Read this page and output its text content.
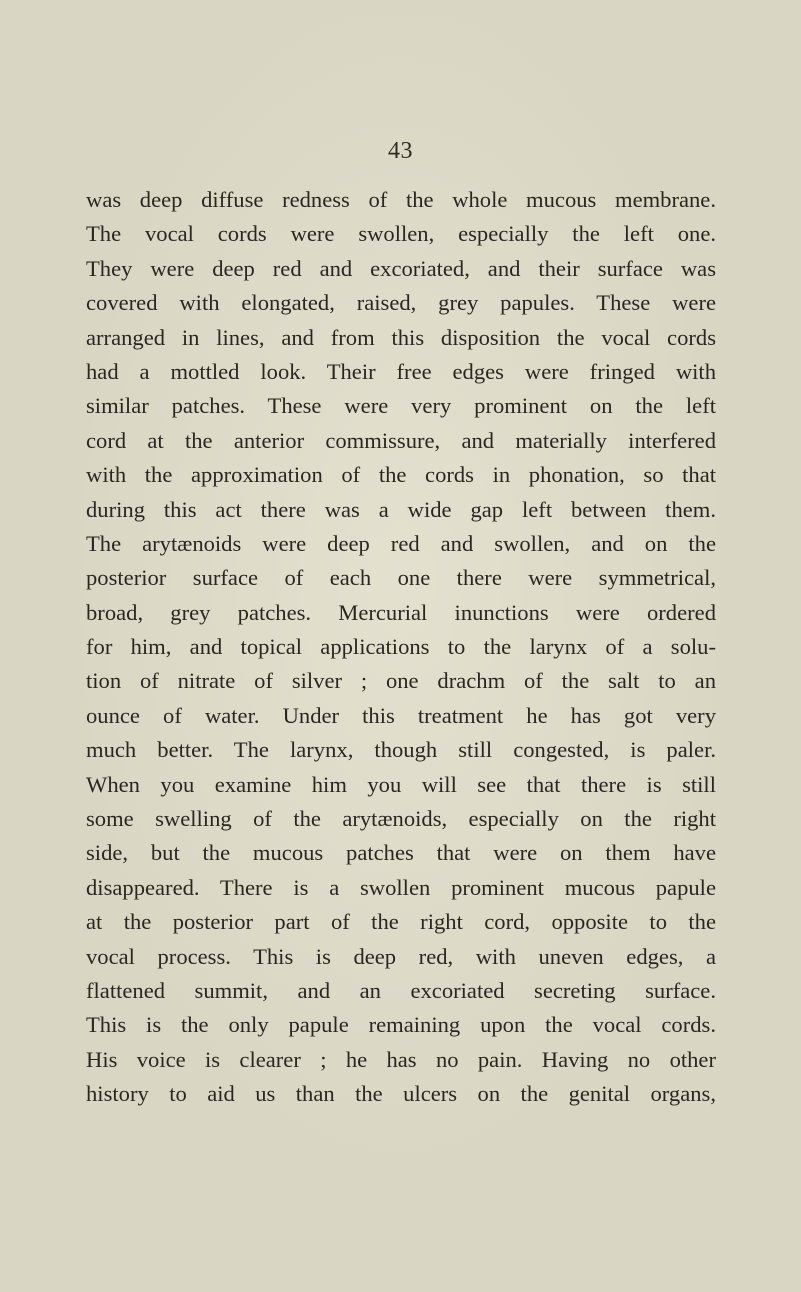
43
was deep diffuse redness of the whole mucous membrane.
The vocal cords were swollen, especially the left one.
They were deep red and excoriated, and their surface was
covered with elongated, raised, grey papules. These were
arranged in lines, and from this disposition the vocal cords
had a mottled look. Their free edges were fringed with
similar patches. These were very prominent on the left
cord at the anterior commissure, and materially interfered
with the approximation of the cords in phonation, so that
during this act there was a wide gap left between them.
The arytænoids were deep red and swollen, and on the
posterior surface of each one there were symmetrical,
broad, grey patches. Mercurial inunctions were ordered
for him, and topical applications to the larynx of a solu-
tion of nitrate of silver ; one drachm of the salt to an
ounce of water. Under this treatment he has got very
much better. The larynx, though still congested, is paler.
When you examine him you will see that there is still
some swelling of the arytænoids, especially on the right
side, but the mucous patches that were on them have
disappeared. There is a swollen prominent mucous papule
at the posterior part of the right cord, opposite to the
vocal process. This is deep red, with uneven edges, a
flattened summit, and an excoriated secreting surface.
This is the only papule remaining upon the vocal cords.
His voice is clearer ; he has no pain. Having no other
history to aid us than the ulcers on the genital organs,
